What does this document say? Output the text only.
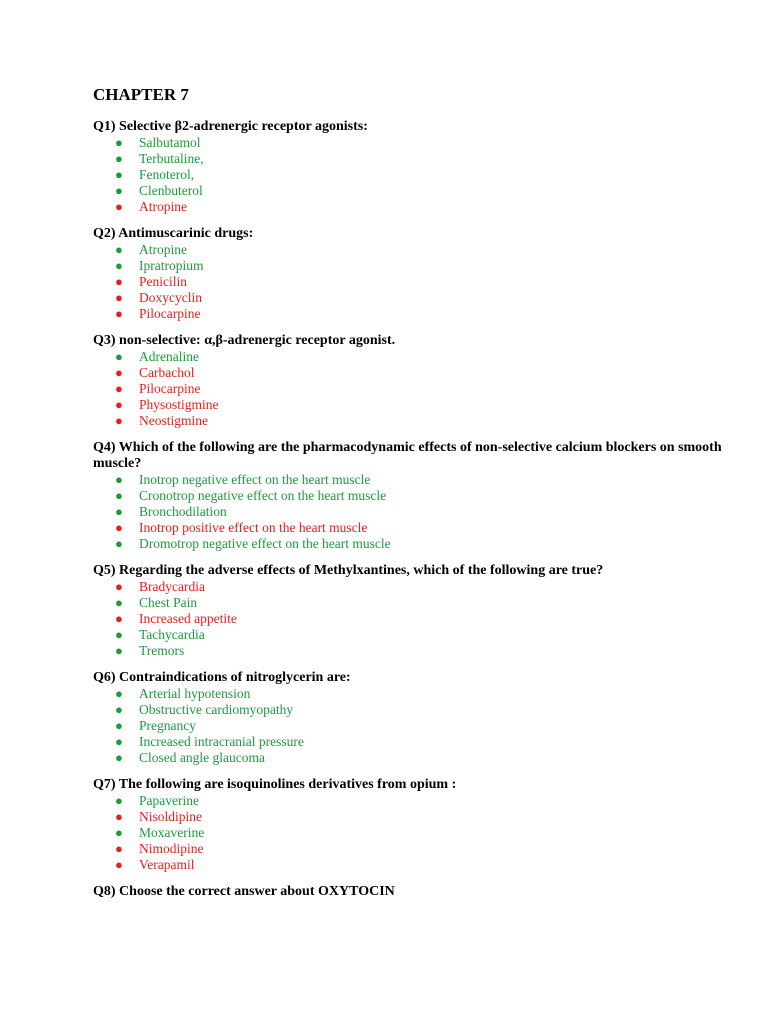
CHAPTER 7
Q1) Selective β2-adrenergic receptor agonists:
● Salbutamol
● Terbutaline,
● Fenoterol,
● Clenbuterol
● Atropine
Q2) Antimuscarinic drugs:
● Atropine
● Ipratropium
● Penicilin
● Doxycyclin
● Pilocarpine
Q3) non-selective: α,β-adrenergic receptor agonist.
● Adrenaline
● Carbachol
● Pilocarpine
● Physostigmine
● Neostigmine
Q4) Which of the following are the pharmacodynamic effects of non-selective calcium blockers on smooth muscle?
● Inotrop negative effect on the heart muscle
● Cronotrop negative effect on the heart muscle
● Bronchodilation
● Inotrop positive effect on the heart muscle
● Dromotrop negative effect on the heart muscle
Q5) Regarding the adverse effects of Methylxantines, which of the following are true?
● Bradycardia
● Chest Pain
● Increased appetite
● Tachycardia
● Tremors
Q6) Contraindications of nitroglycerin are:
● Arterial hypotension
● Obstructive cardiomyopathy
● Pregnancy
● Increased intracranial pressure
● Closed angle glaucoma
Q7) The following are isoquinolines derivatives from opium :
● Papaverine
● Nisoldipine
● Moxaverine
● Nimodipine
● Verapamil
Q8) Choose the correct answer about OXYTOCIN
